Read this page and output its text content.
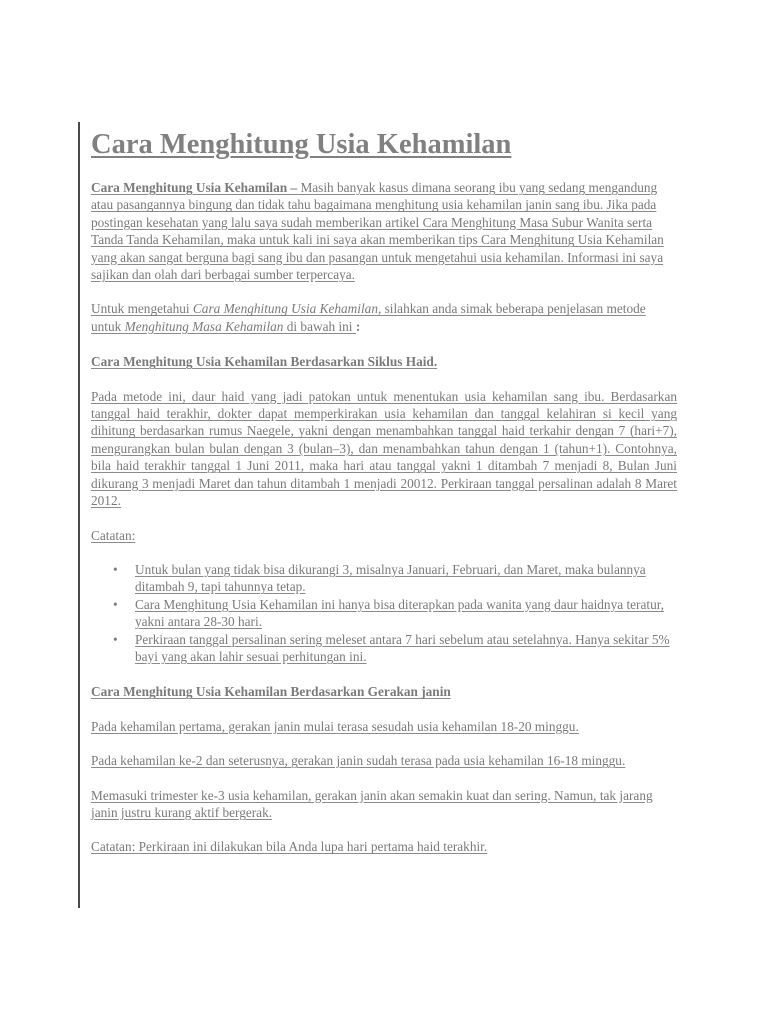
Cara Menghitung Usia Kehamilan

Cara Menghitung Usia Kehamilan – Masih banyak kasus dimana seorang ibu yang sedang mengandung atau pasangannya bingung dan tidak tahu bagaimana menghitung usia kehamilan janin sang ibu. Jika pada postingan kesehatan yang lalu saya sudah memberikan artikel Cara Menghitung Masa Subur Wanita serta Tanda Tanda Kehamilan, maka untuk kali ini saya akan memberikan tips Cara Menghitung Usia Kehamilan yang akan sangat berguna bagi sang ibu dan pasangan untuk mengetahui usia kehamilan. Informasi ini saya sajikan dan olah dari berbagai sumber terpercaya.

Untuk mengetahui Cara Menghitung Usia Kehamilan, silahkan anda simak beberapa penjelasan metode untuk Menghitung Masa Kehamilan di bawah ini :

Cara Menghitung Usia Kehamilan Berdasarkan Siklus Haid.

Pada metode ini, daur haid yang jadi patokan untuk menentukan usia kehamilan sang ibu. Berdasarkan tanggal haid terakhir, dokter dapat memperkirakan usia kehamilan dan tanggal kelahiran si kecil yang dihitung berdasarkan rumus Naegele, yakni dengan menambahkan tanggal haid terkahir dengan 7 (hari+7), mengurangkan bulan bulan dengan 3 (bulan–3), dan menambahkan tahun dengan 1 (tahun+1). Contohnya, bila haid terakhir tanggal 1 Juni 2011, maka hari atau tanggal yakni 1 ditambah 7 menjadi 8, Bulan Juni dikurang 3 menjadi Maret dan tahun ditambah 1 menjadi 20012. Perkiraan tanggal persalinan adalah 8 Maret 2012.

Catatan:

• Untuk bulan yang tidak bisa dikurangi 3, misalnya Januari, Februari, dan Maret, maka bulannya ditambah 9, tapi tahunnya tetap.
• Cara Menghitung Usia Kehamilan ini hanya bisa diterapkan pada wanita yang daur haidnya teratur, yakni antara 28-30 hari.
• Perkiraan tanggal persalinan sering meleset antara 7 hari sebelum atau setelahnya. Hanya sekitar 5% bayi yang akan lahir sesuai perhitungan ini.

Cara Menghitung Usia Kehamilan Berdasarkan Gerakan janin

Pada kehamilan pertama, gerakan janin mulai terasa sesudah usia kehamilan 18-20 minggu.

Pada kehamilan ke-2 dan seterusnya, gerakan janin sudah terasa pada usia kehamilan 16-18 minggu.

Memasuki trimester ke-3 usia kehamilan, gerakan janin akan semakin kuat dan sering. Namun, tak jarang janin justru kurang aktif bergerak.

Catatan: Perkiraan ini dilakukan bila Anda lupa hari pertama haid terakhir.
